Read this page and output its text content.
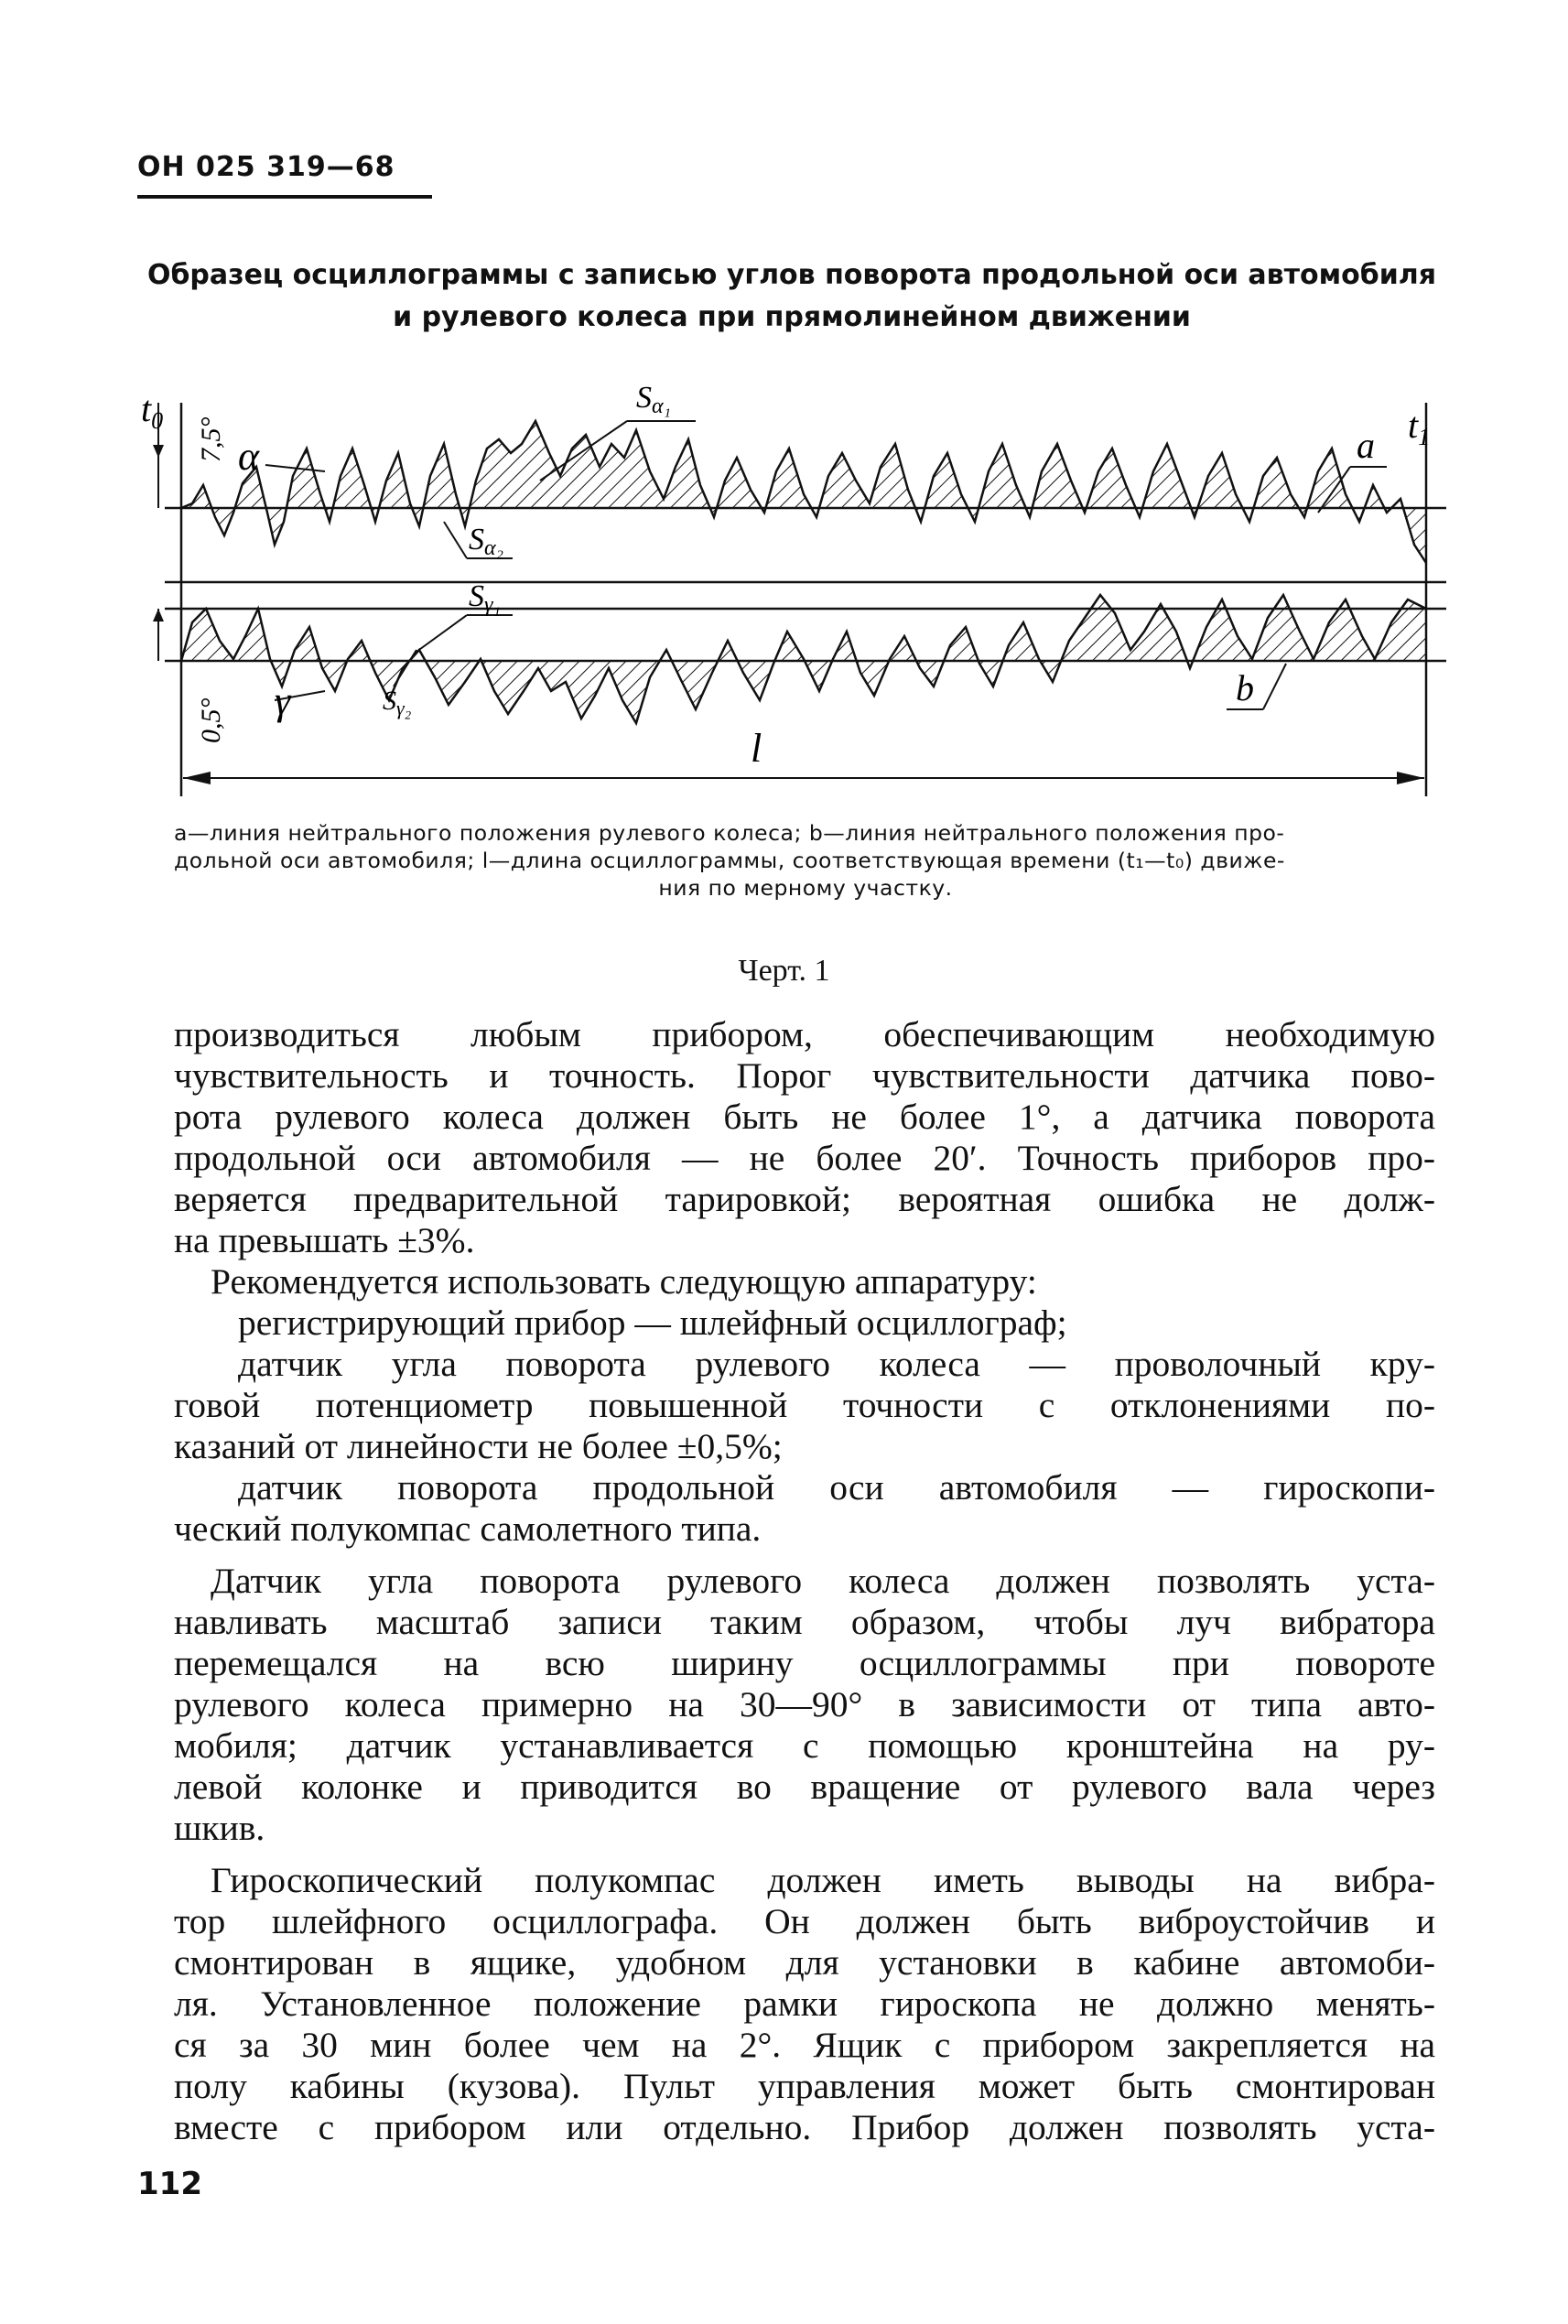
ОН 025 319—68
Образец осциллограммы с записью углов поворота продольной оси автомобиля
и рулевого колеса при прямолинейном движении
$t_0$	$t_1$
7,5°
0,5°
α
Sα₁
Sα₂
a
Sγ₁
$S_{\gamma_2}$
γ	b
l
а—линия нейтрального положения рулевого колеса; b—линия нейтрального положения про-
дольной оси автомобиля; l—длина осциллограммы, соответствующая времени (t₁—t₀) движе-
ния по мерному участку.
Черт. 1

производиться любым прибором, обеспечивающим необходимую

чувствительность и точность. Порог чувствительности датчика пово-

рота рулевого колеса должен быть не более 1°, а датчика поворота

продольной оси автомобиля — не более 20′. Точность приборов про-

веряется предварительной тарировкой; вероятная ошибка не долж-

на превышать ±3%.

Рекомендуется использовать следующую аппаратуру:

регистрирующий прибор — шлейфный осциллограф;

датчик угла поворота рулевого колеса — проволочный кру-

говой потенциометр повышенной точности с отклонениями по-

казаний от линейности не более ±0,5%;

датчик поворота продольной оси автомобиля — гироскопи-

ческий полукомпас самолетного типа.

Датчик угла поворота рулевого колеса должен позволять уста-

навливать масштаб записи таким образом, чтобы луч вибратора

перемещался на всю ширину осциллограммы при повороте

рулевого колеса примерно на 30—90° в зависимости от типа авто-

мобиля; датчик устанавливается с помощью кронштейна на ру-

левой колонке и приводится во вращение от рулевого вала через

шкив.

Гироскопический полукомпас должен иметь выводы на вибра-

тор шлейфного осциллографа. Он должен быть виброустойчив и

смонтирован в ящике, удобном для установки в кабине автомоби-

ля. Установленное положение рамки гироскопа не должно менять-

ся за 30 мин более чем на 2°. Ящик с прибором закрепляется на

полу кабины (кузова). Пульт управления может быть смонтирован

вместе с прибором или отдельно. Прибор должен позволять уста-

112
